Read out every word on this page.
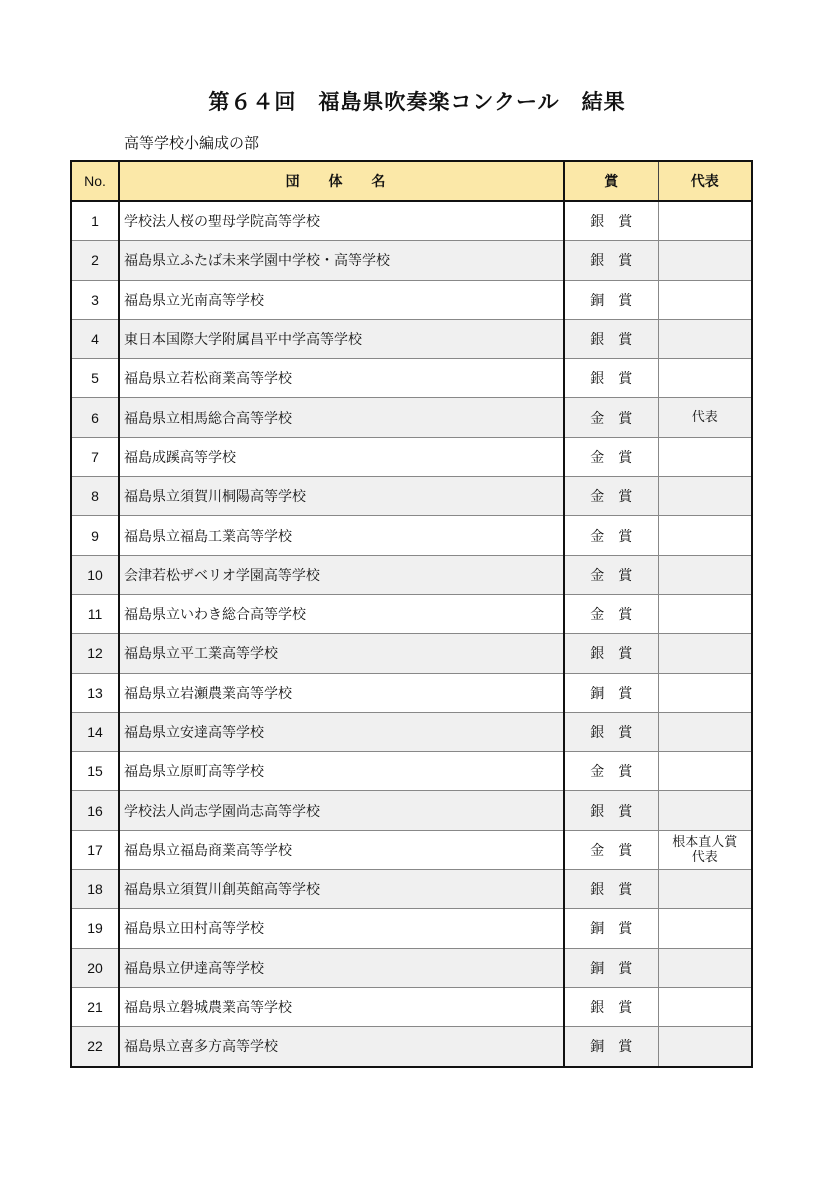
第６４回　福島県吹奏楽コンクール　結果
高等学校小編成の部
No.	団 体 名	賞	代表
1	学校法人桜の聖母学院高等学校	銀　賞	
2	福島県立ふたば未来学園中学校・高等学校	銀　賞	
3	福島県立光南高等学校	銅　賞	
4	東日本国際大学附属昌平中学高等学校	銀　賞	
5	福島県立若松商業高等学校	銀　賞	
6	福島県立相馬総合高等学校	金　賞	代表

7	福島成蹊高等学校	金　賞	
8	福島県立須賀川桐陽高等学校	金　賞	
9	福島県立福島工業高等学校	金　賞	
10	会津若松ザベリオ学園高等学校	金　賞	
11	福島県立いわき総合高等学校	金　賞	
12	福島県立平工業高等学校	銀　賞	
13	福島県立岩瀬農業高等学校	銅　賞	
14	福島県立安達高等学校	銀　賞	
15	福島県立原町高等学校	金　賞	
16	学校法人尚志学園尚志高等学校	銀　賞	
17	福島県立福島商業高等学校	金　賞	根本直人賞
代表

18	福島県立須賀川創英館高等学校	銀　賞	
19	福島県立田村高等学校	銅　賞	
20	福島県立伊達高等学校	銅　賞	
21	福島県立磐城農業高等学校	銀　賞	
22	福島県立喜多方高等学校	銅　賞	
